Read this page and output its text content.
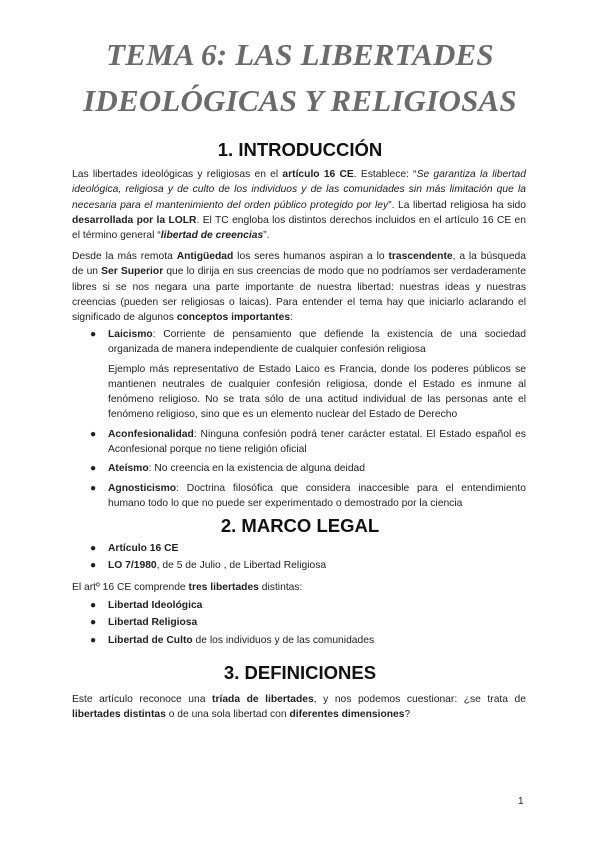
TEMA 6: LAS LIBERTADES
IDEOLÓGICAS Y RELIGIOSAS
1. INTRODUCCIÓN
Las libertades ideológicas y religiosas en el artículo 16 CE. Establece: “Se garantiza la libertad ideológica, religiosa y de culto de los individuos y de las comunidades sin más limitación que la necesaria para el mantenimiento del orden público protegido por ley”. La libertad religiosa ha sido desarrollada por la LOLR. El TC engloba los distintos derechos incluidos en el artículo 16 CE en el término general “libertad de creencias”.
Desde la más remota Antigüedad los seres humanos aspiran a lo trascendente, a la búsqueda de un Ser Superior que lo dirija en sus creencias de modo que no podríamos ser verdaderamente libres si se nos negara una parte importante de nuestra libertad: nuestras ideas y nuestras creencias (pueden ser religiosas o laicas). Para entender el tema hay que iniciarlo aclarando el significado de algunos conceptos importantes:
● Laicismo: Corriente de pensamiento que defiende la existencia de una sociedad organizada de manera independiente de cualquier confesión religiosa
Ejemplo más representativo de Estado Laico es Francia, donde los poderes públicos se mantienen neutrales de cualquier confesión religiosa, donde el Estado es inmune al fenómeno religioso. No se trata sólo de una actitud individual de las personas ante el fenómeno religioso, sino que es un elemento nuclear del Estado de Derecho
● Aconfesionalidad: Ninguna confesión podrá tener carácter estatal. El Estado español es Aconfesional porque no tiene religión oficial
● Ateísmo: No creencia en la existencia de alguna deidad
● Agnosticismo: Doctrina filosófica que considera inaccesible para el entendimiento humano todo lo que no puede ser experimentado o demostrado por la ciencia
2. MARCO LEGAL
● Artículo 16 CE
● LO 7/1980, de 5 de Julio , de Libertad Religiosa
El artº 16 CE comprende tres libertades distintas:
● Libertad Ideológica
● Libertad Religiosa
● Libertad de Culto de los individuos y de las comunidades
3. DEFINICIONES
Este artículo reconoce una tríada de libertades, y nos podemos cuestionar: ¿se trata de libertades distintas o de una sola libertad con diferentes dimensiones?
1
